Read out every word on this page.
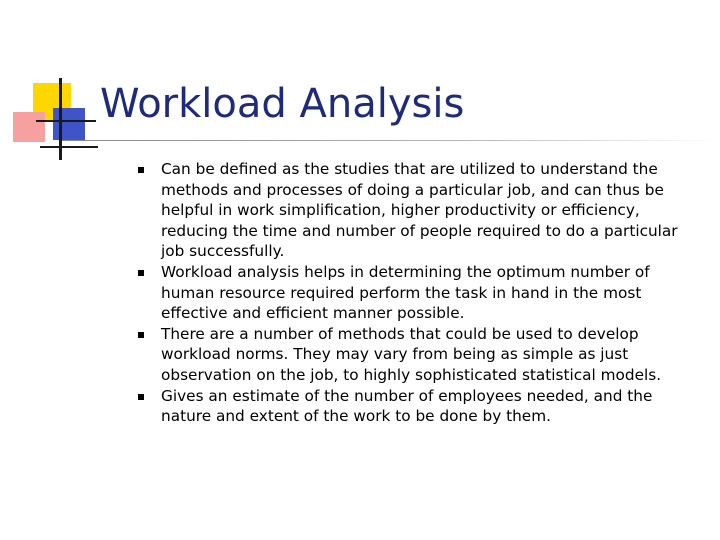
Workload Analysis
Can be defined as the studies that are utilized to understand the methods and processes of doing a particular job, and can thus be helpful in work simplification, higher productivity or efficiency, reducing the time and number of people required to do a particular job successfully.
Workload analysis helps in determining the optimum number of human resource required perform the task in hand in the most effective and efficient manner possible.
There are a number of methods that could be used to develop workload norms. They may vary from being as simple as just observation on the job, to highly sophisticated statistical models.
Gives an estimate of the number of employees needed, and the nature and extent of the work to be done by them.
